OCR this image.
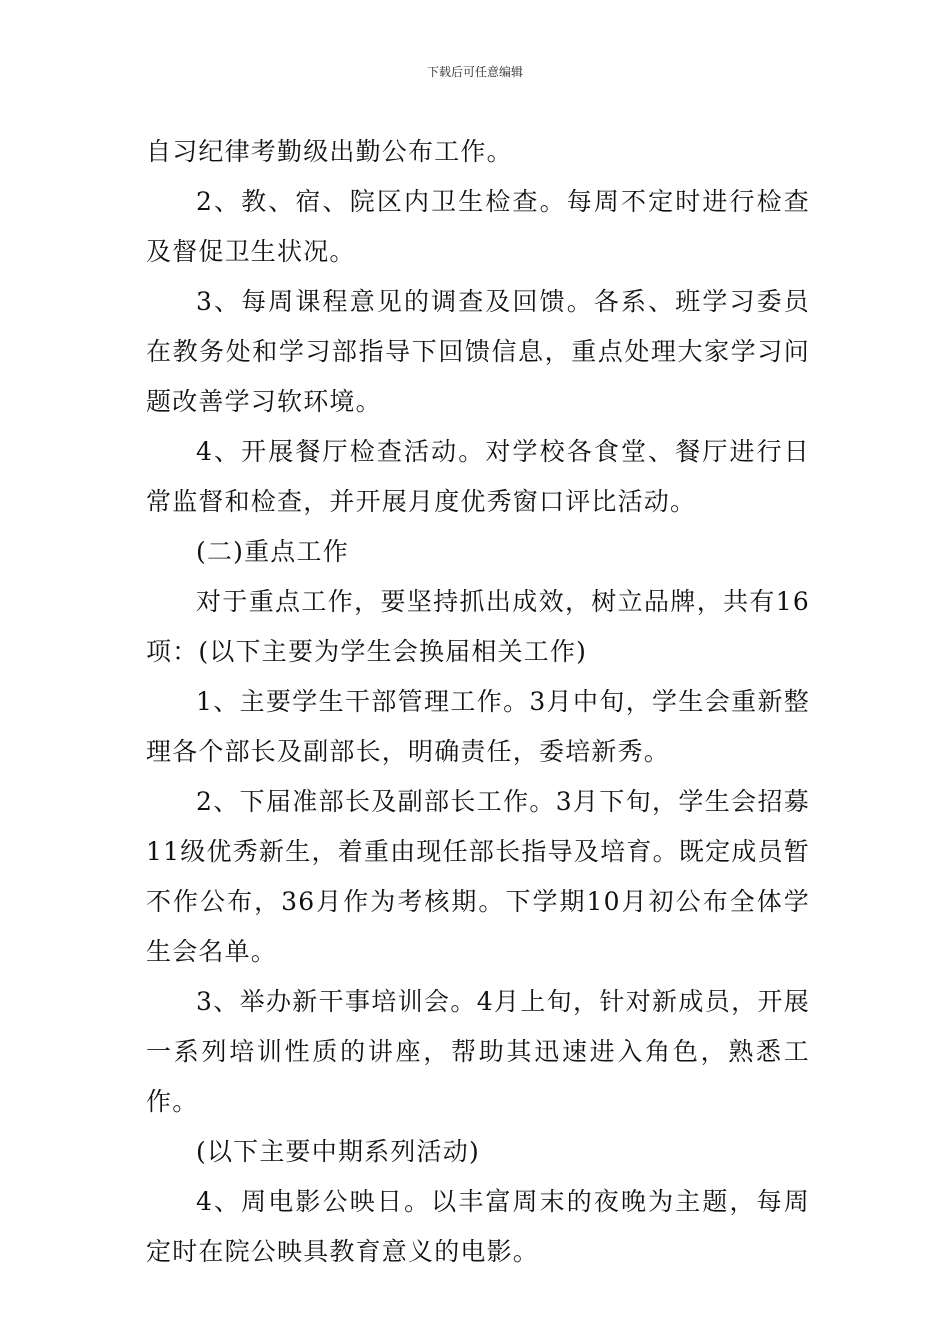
下载后可任意编辑

自习纪律考勤级出勤公布工作。

2、教、宿、院区内卫生检查。每周不定时进行检查及督促卫生状况。

3、每周课程意见的调查及回馈。各系、班学习委员在教务处和学习部指导下回馈信息，重点处理大家学习问题改善学习软环境。

4、开展餐厅检查活动。对学校各食堂、餐厅进行日常监督和检查，并开展月度优秀窗口评比活动。

(二)重点工作

对于重点工作，要坚持抓出成效，树立品牌，共有16项：(以下主要为学生会换届相关工作)

1、主要学生干部管理工作。3月中旬，学生会重新整理各个部长及副部长，明确责任，委培新秀。

2、下届准部长及副部长工作。3月下旬，学生会招募11级优秀新生，着重由现任部长指导及培育。既定成员暂不作公布，36月作为考核期。下学期10月初公布全体学生会名单。

3、举办新干事培训会。4月上旬，针对新成员，开展一系列培训性质的讲座，帮助其迅速进入角色，熟悉工作。

(以下主要中期系列活动)

4、周电影公映日。以丰富周末的夜晚为主题，每周定时在院公映具教育意义的电影。
